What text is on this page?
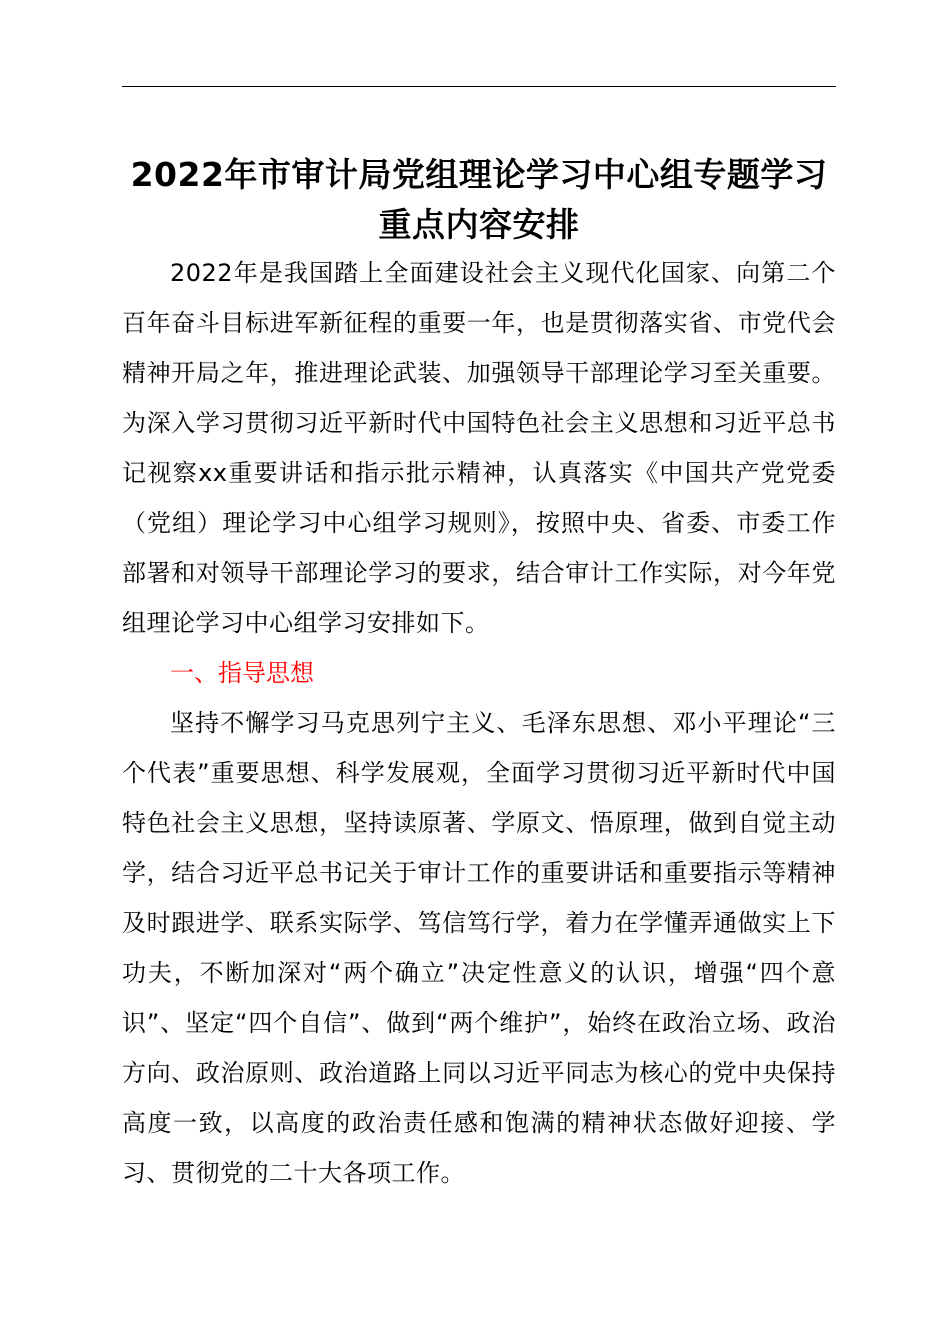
2022年市审计局党组理论学习中心组专题学习重点内容安排

2022年是我国踏上全面建设社会主义现代化国家、向第二个百年奋斗目标进军新征程的重要一年，也是贯彻落实省、市党代会精神开局之年，推进理论武装、加强领导干部理论学习至关重要。为深入学习贯彻习近平新时代中国特色社会主义思想和习近平总书记视察xx重要讲话和指示批示精神，认真落实《中国共产党党委（党组）理论学习中心组学习规则》，按照中央、省委、市委工作部署和对领导干部理论学习的要求，结合审计工作实际，对今年党组理论学习中心组学习安排如下。

一、指导思想

坚持不懈学习马克思列宁主义、毛泽东思想、邓小平理论“三个代表”重要思想、科学发展观，全面学习贯彻习近平新时代中国特色社会主义思想，坚持读原著、学原文、悟原理，做到自觉主动学，结合习近平总书记关于审计工作的重要讲话和重要指示等精神及时跟进学、联系实际学、笃信笃行学，着力在学懂弄通做实上下功夫，不断加深对“两个确立”决定性意义的认识，增强“四个意识”、坚定“四个自信”、做到“两个维护”，始终在政治立场、政治方向、政治原则、政治道路上同以习近平同志为核心的党中央保持高度一致，以高度的政治责任感和饱满的精神状态做好迎接、学习、贯彻党的二十大各项工作。
